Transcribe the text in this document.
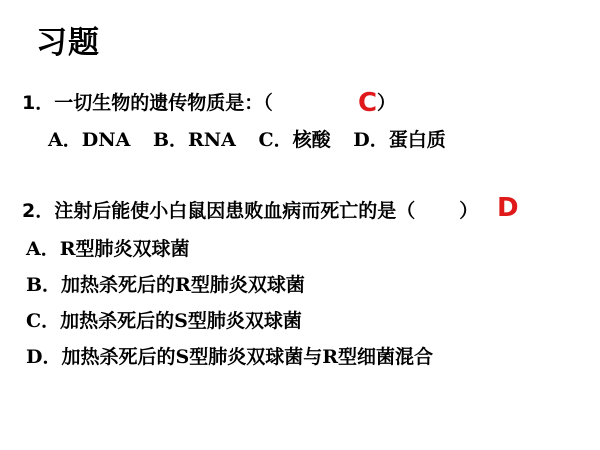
习题
1．一切生物的遗传物质是：（	C ）
A．DNA B．RNA C．核酸 D．蛋白质
2．注射后能使小白鼠因患败血病而死亡的是（ ） D
A．R型肺炎双球菌
B．加热杀死后的R型肺炎双球菌
C．加热杀死后的S型肺炎双球菌
D．加热杀死后的S型肺炎双球菌与R型细菌混合
